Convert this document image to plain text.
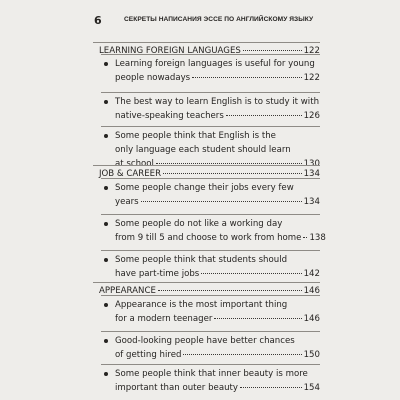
6	СЕКРЕТЫ НАПИСАНИЯ ЭССЕ ПО АНГЛИЙСКОМУ ЯЗЫКУ
LEARNING FOREIGN LANGUAGES	122
Learning foreign languages is useful for young
people nowadays	122
The best way to learn English is to study it with
native-speaking teachers	126
Some people think that English is the
only language each student should learn
at school	130
JOB & CAREER	134
Some people change their jobs every few
years	134
Some people do not like a working day
from 9 till 5 and choose to work from home 138
Some people think that students should
have part-time jobs	142
APPEARANCE	146
Appearance is the most important thing
for a modern teenager	146
Good-looking people have better chances
of getting hired	150
Some people think that inner beauty is more
important than outer beauty	154
